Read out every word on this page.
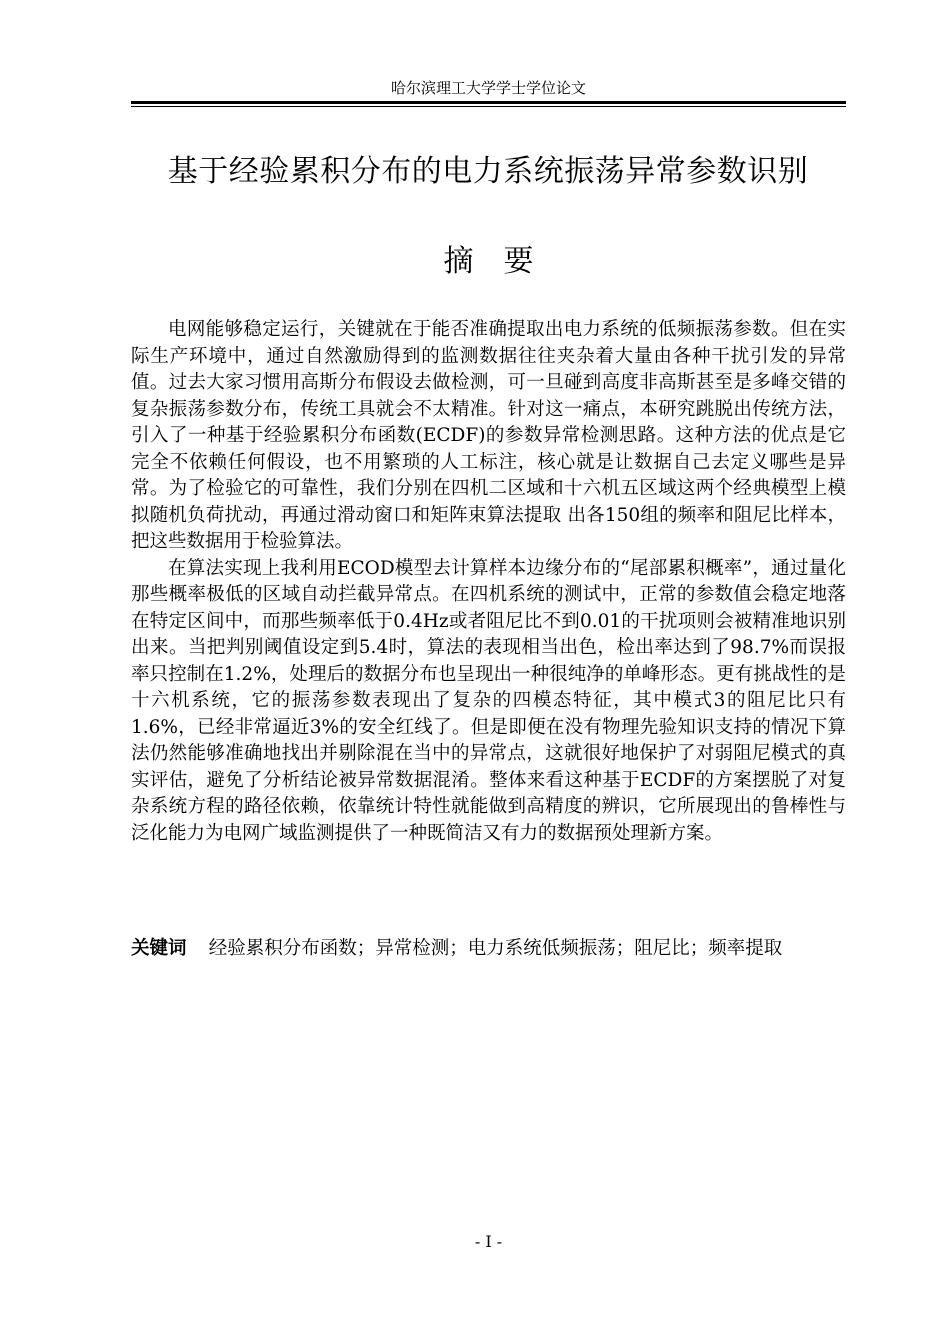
哈尔滨理工大学学士学位论文
基于经验累积分布的电力系统振荡异常参数识别
摘要

电网能够稳定运行，关键就在于能否准确提取出电力系统的低频振荡参数。但在实际生产环境中，通过自然激励得到的监测数据往往夹杂着大量由各种干扰引发的异常值。过去大家习惯用高斯分布假设去做检测，可一旦碰到高度非高斯甚至是多峰交错的复杂振荡参数分布，传统工具就会不太精准。针对这一痛点，本研究跳脱出传统方法，引入了一种基于经验累积分布函数(ECDF)的参数异常检测思路。这种方法的优点是它完全不依赖任何假设，也不用繁琐的人工标注，核心就是让数据自己去定义哪些是异常。为了检验它的可靠性，我们分别在四机二区域和十六机五区域这两个经典模型上模拟随机负荷扰动，再通过滑动窗口和矩阵束算法提取 出各150组的频率和阻尼比样本，把这些数据用于检验算法。

在算法实现上我利用ECOD模型去计算样本边缘分布的“尾部累积概率”，通过量化那些概率极低的区域自动拦截异常点。在四机系统的测试中，正常的参数值会稳定地落在特定区间中，而那些频率低于0.4Hz或者阻尼比不到0.01的干扰项则会被精准地识别出来。当把判别阈值设定到5.4时，算法的表现相当出色，检出率达到了98.7%而误报率只控制在1.2%，处理后的数据分布也呈现出一种很纯净的单峰形态。更有挑战性的是十六机系统，它的振荡参数表现出了复杂的四模态特征，其中模式3的阻尼比只有1.6%，已经非常逼近3%的安全红线了。但是即便在没有物理先验知识支持的情况下算法仍然能够准确地找出并剔除混在当中的异常点，这就很好地保护了对弱阻尼模式的真实评估，避免了分析结论被异常数据混淆。整体来看这种基于ECDF的方案摆脱了对复杂系统方程的路径依赖，依靠统计特性就能做到高精度的辨识，它所展现出的鲁棒性与泛化能力为电网广域监测提供了一种既简洁又有力的数据预处理新方案。

关键词 经验累积分布函数；异常检测；电力系统低频振荡；阻尼比；频率提取
- I -
